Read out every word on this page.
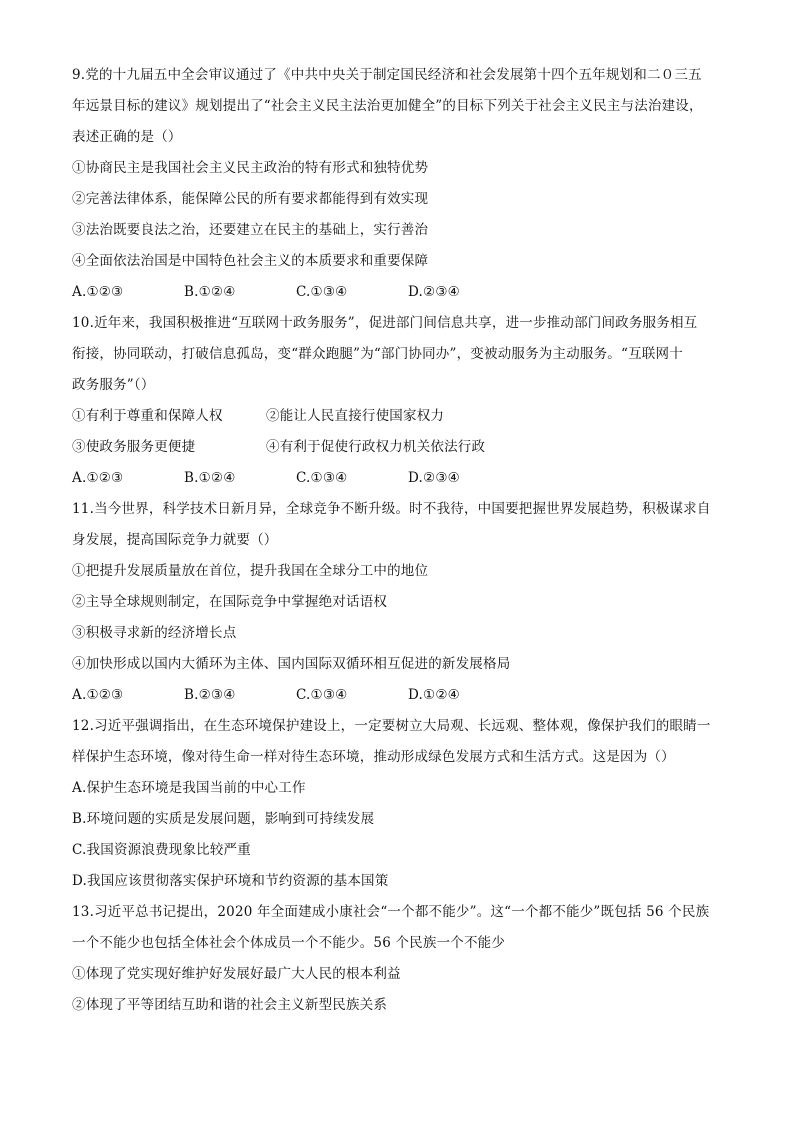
9.党的十九届五中全会审议通过了《中共中央关于制定国民经济和社会发展第十四个五年规划和二０三五
年远景目标的建议》规划提出了“社会主义民主法治更加健全”的目标下列关于社会主义民主与法治建设，
表述正确的是（）
①协商民主是我国社会主义民主政治的特有形式和独特优势
②完善法律体系，能保障公民的所有要求都能得到有效实现
③法治既要良法之治，还要建立在民主的基础上，实行善治
④全面依法治国是中国特色社会主义的本质要求和重要保障
A.①②③	B.①②④	C.①③④	D.②③④
10.近年来，我国积极推进“互联网十政务服务”，促进部门间信息共享，进一步推动部门间政务服务相互
衔接，协同联动，打破信息孤岛，变“群众跑腿”为“部门协同办”，变被动服务为主动服务。“互联网十
政务服务”（）
①有利于尊重和保障人权	②能让人民直接行使国家权力
③使政务服务更便捷	④有利于促使行政权力机关依法行政
A.①②③	B.①②④	C.①③④	D.②③④
11.当今世界，科学技术日新月异，全球竞争不断升级。时不我待，中国要把握世界发展趋势，积极谋求自
身发展，提高国际竞争力就要（）
①把提升发展质量放在首位，提升我国在全球分工中的地位
②主导全球规则制定，在国际竞争中掌握绝对话语权
③积极寻求新的经济增长点
④加快形成以国内大循环为主体、国内国际双循环相互促进的新发展格局
A.①②③	B.②③④	C.①③④	D.①②④
12.习近平强调指出，在生态环境保护建设上，一定要树立大局观、长远观、整体观，像保护我们的眼睛一
样保护生态环境，像对待生命一样对待生态环境，推动形成绿色发展方式和生活方式。这是因为（）
A.保护生态环境是我国当前的中心工作
B.环境问题的实质是发展问题，影响到可持续发展
C.我国资源浪费现象比较严重
D.我国应该贯彻落实保护环境和节约资源的基本国策
13.习近平总书记提出，2020 年全面建成小康社会“一个都不能少”。这“一个都不能少”既包括 56 个民族
一个不能少也包括全体社会个体成员一个不能少。56 个民族一个不能少
①体现了党实现好维护好发展好最广大人民的根本利益
②体现了平等团结互助和谐的社会主义新型民族关系
